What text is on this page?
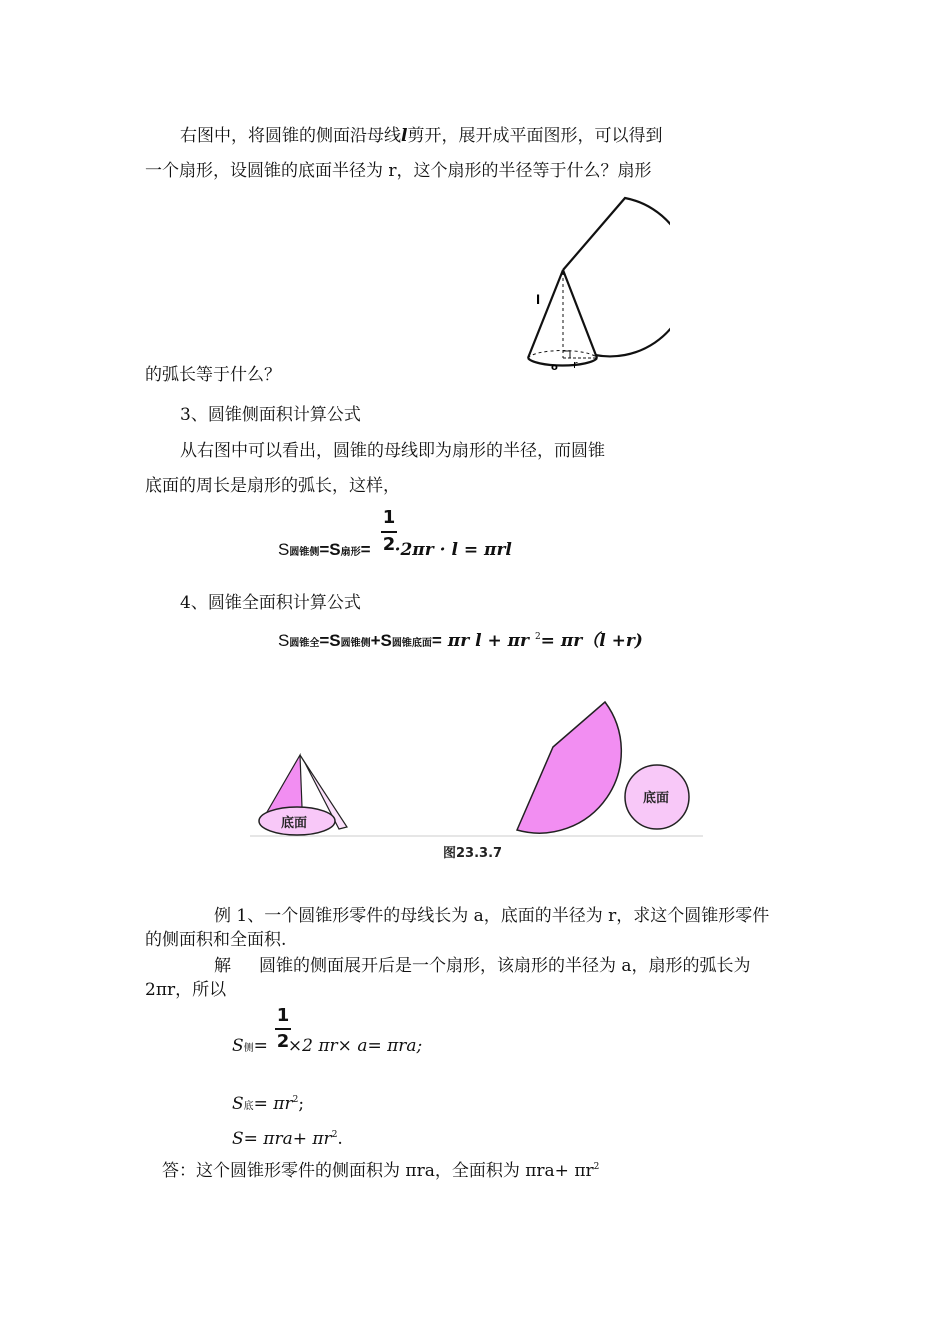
右图中，将圆锥的侧面沿母线l剪开，展开成平面图形，可以得到
一个扇形，设圆锥的底面半径为 r，这个扇形的半径等于什么？扇形
l
r
o
的弧长等于什么？
3、圆锥侧面积计算公式
从右图中可以看出，圆锥的母线即为扇形的半径，而圆锥
底面的周长是扇形的弧长，这样，
1
2
S圆锥侧=S扇形= ·2πr · l = πrl
4、圆锥全面积计算公式
S圆锥全=S圆锥侧+S圆锥底面= πr l + πr $^2$= πr（l +r)
底面
底面
图23.3.7
例 1、一个圆锥形零件的母线长为 a，底面的半径为 r，求这个圆锥形零件
的侧面积和全面积.
解 圆锥的侧面展开后是一个扇形，该扇形的半径为 a，扇形的弧长为
2πr，所以
1
2
S侧= ×2 πr× a= πra;
S底= $\pi r^2$;
$S= \pi ra+ \pi r^2$.
答：这个圆锥形零件的侧面积为 πra，全面积为 $\pi ra+ \pi r^2$
